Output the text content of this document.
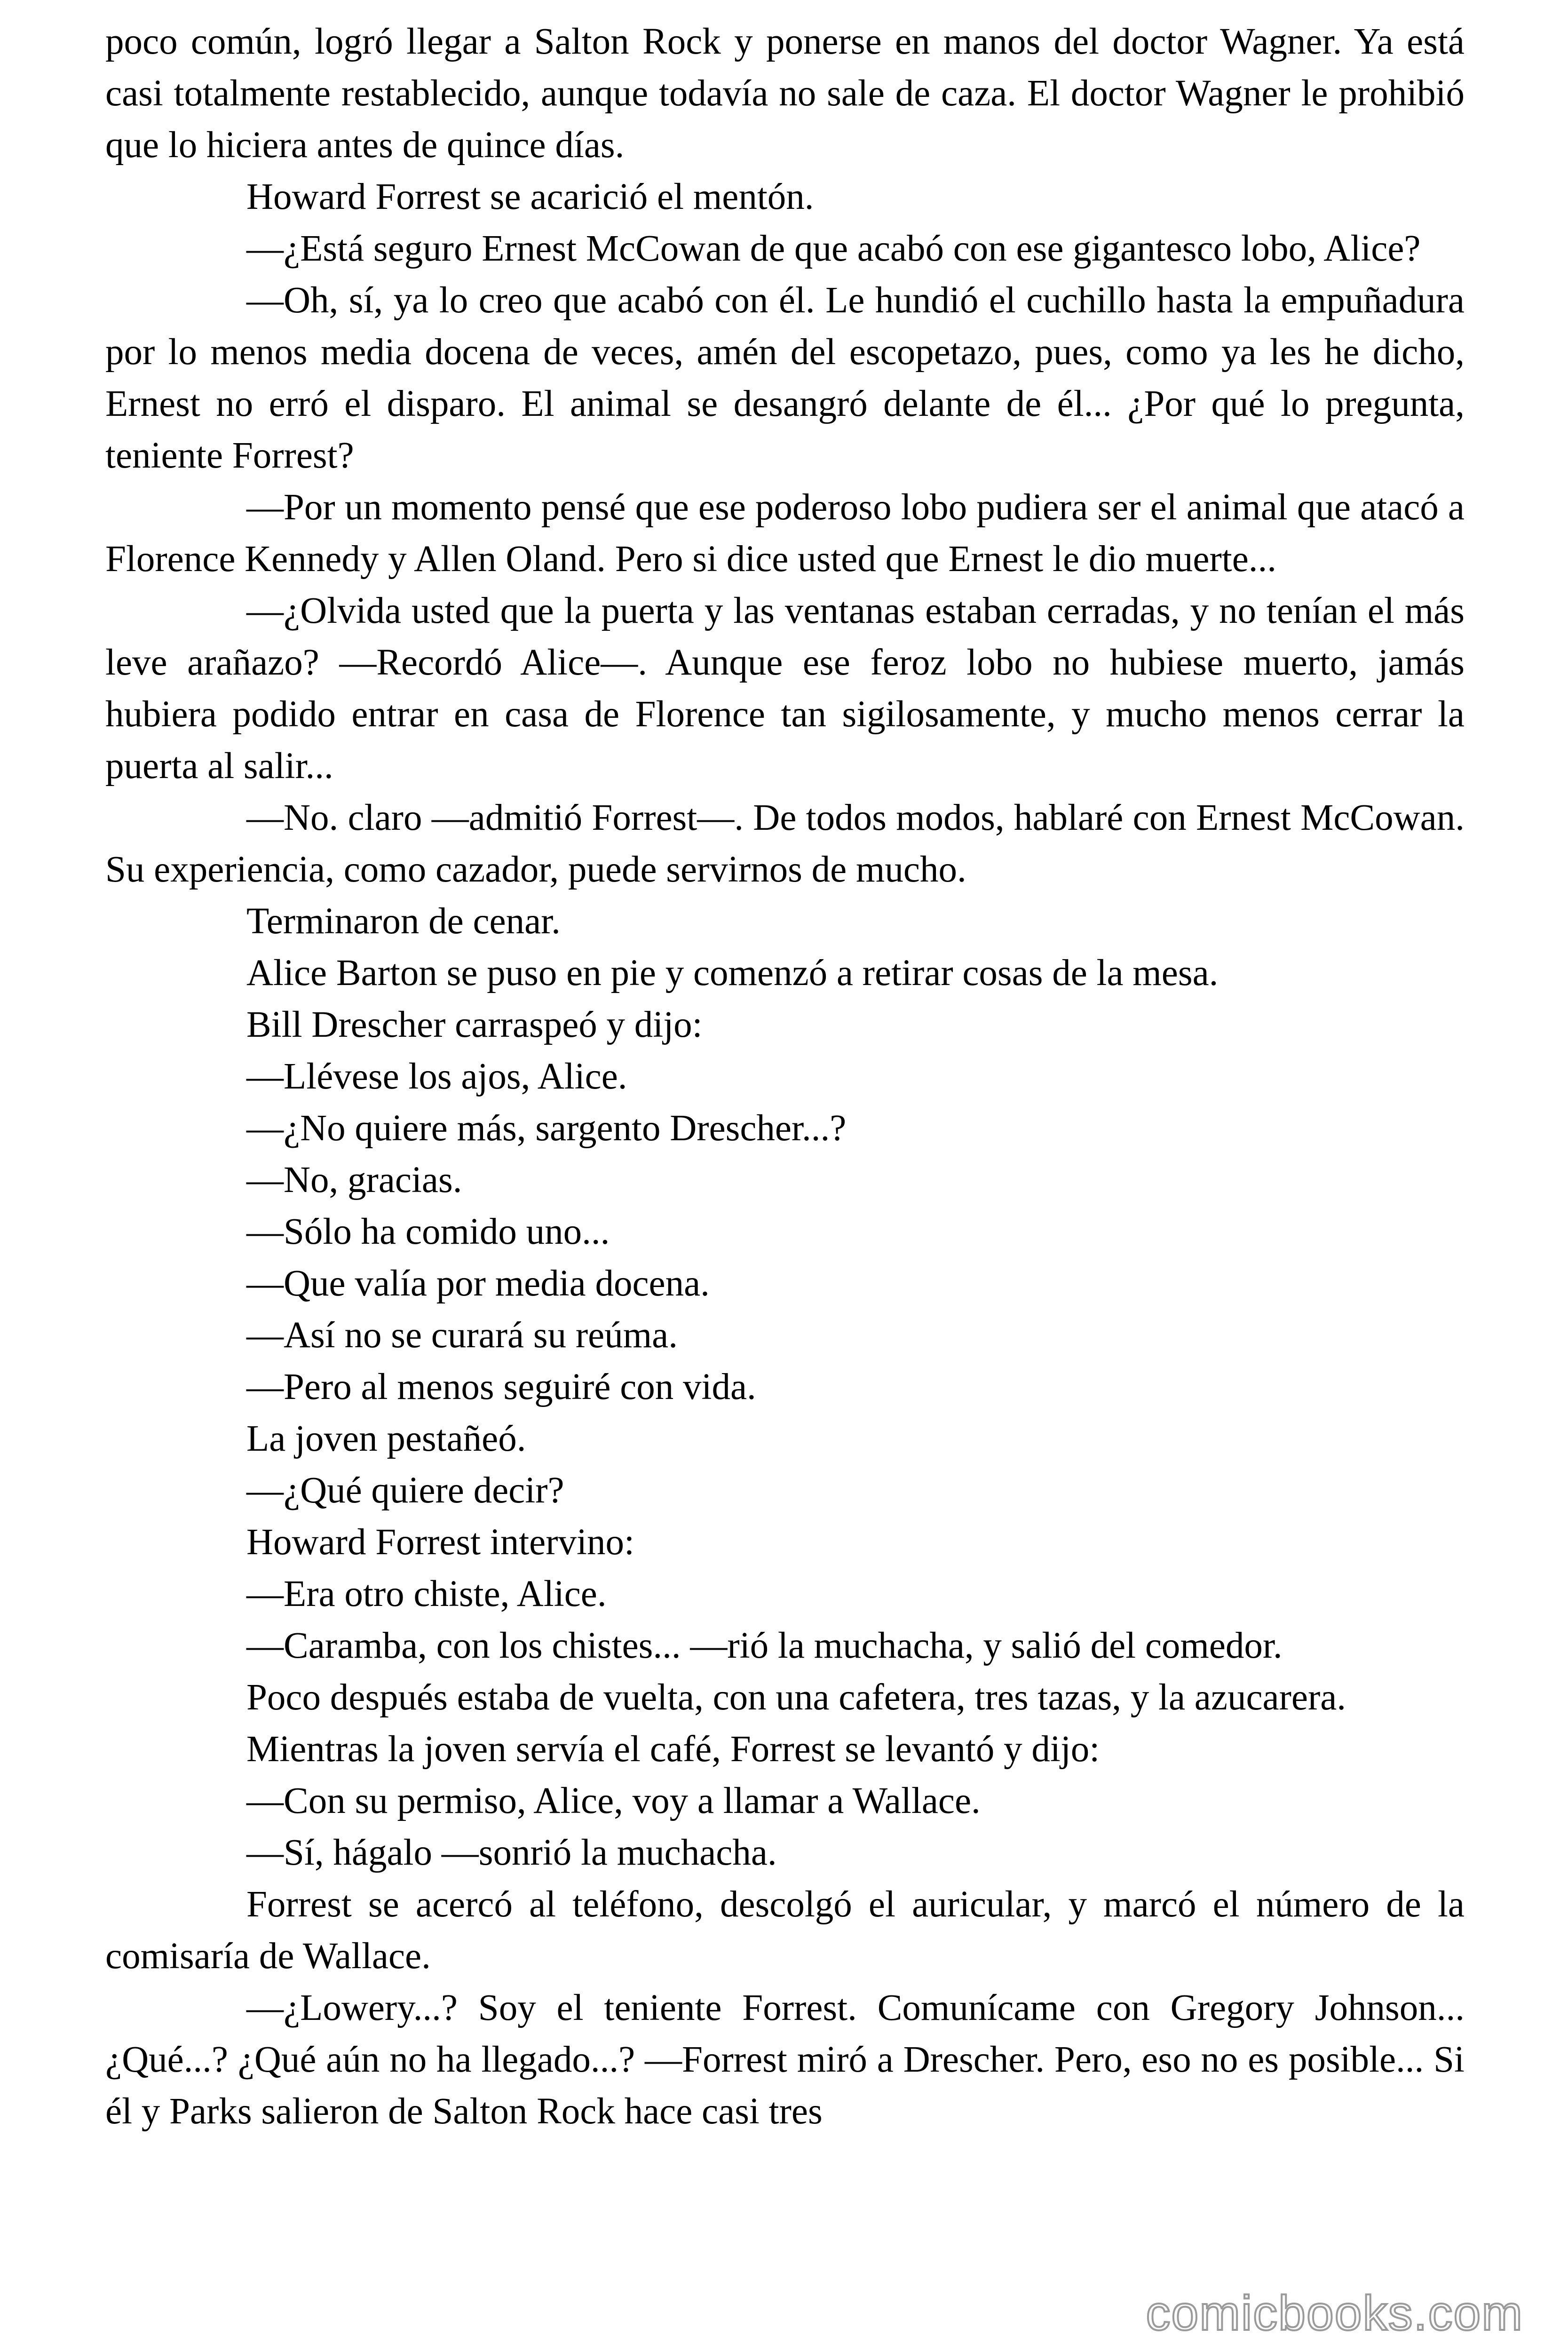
poco común, logró llegar a Salton Rock y ponerse en manos del doctor Wagner. Ya está casi totalmente restablecido, aunque todavía no sale de caza. El doctor Wagner le prohibió que lo hiciera antes de quince días.

Howard Forrest se acarició el mentón.

—¿Está seguro Ernest McCowan de que acabó con ese gigantesco lobo, Alice?

—Oh, sí, ya lo creo que acabó con él. Le hundió el cuchillo hasta la empuñadura por lo menos media docena de veces, amén del escopetazo, pues, como ya les he dicho, Ernest no erró el disparo. El animal se desangró delante de él... ¿Por qué lo pregunta, teniente Forrest?

—Por un momento pensé que ese poderoso lobo pudiera ser el animal que atacó a Florence Kennedy y Allen Oland. Pero si dice usted que Ernest le dio muerte...

—¿Olvida usted que la puerta y las ventanas estaban cerradas, y no tenían el más leve arañazo? —Recordó Alice—. Aunque ese feroz lobo no hubiese muerto, jamás hubiera podido entrar en casa de Florence tan sigilosamente, y mucho menos cerrar la puerta al salir...

—No. claro —admitió Forrest—. De todos modos, hablaré con Ernest McCowan. Su experiencia, como cazador, puede servirnos de mucho.

Terminaron de cenar.

Alice Barton se puso en pie y comenzó a retirar cosas de la mesa.

Bill Drescher carraspeó y dijo:

—Llévese los ajos, Alice.

—¿No quiere más, sargento Drescher...?

—No, gracias.

—Sólo ha comido uno...

—Que valía por media docena.

—Así no se curará su reúma.

—Pero al menos seguiré con vida.

La joven pestañeó.

—¿Qué quiere decir?

Howard Forrest intervino:

—Era otro chiste, Alice.

—Caramba, con los chistes... —rió la muchacha, y salió del comedor.

Poco después estaba de vuelta, con una cafetera, tres tazas, y la azucarera.

Mientras la joven servía el café, Forrest se levantó y dijo:

—Con su permiso, Alice, voy a llamar a Wallace.

—Sí, hágalo —sonrió la muchacha.

Forrest se acercó al teléfono, descolgó el auricular, y marcó el número de la comisaría de Wallace.

—¿Lowery...? Soy el teniente Forrest. Comunícame con Gregory Johnson... ¿Qué...? ¿Qué aún no ha llegado...? —Forrest miró a Drescher. Pero, eso no es posible... Si él y Parks salieron de Salton Rock hace casi tres

comicbooks.com
